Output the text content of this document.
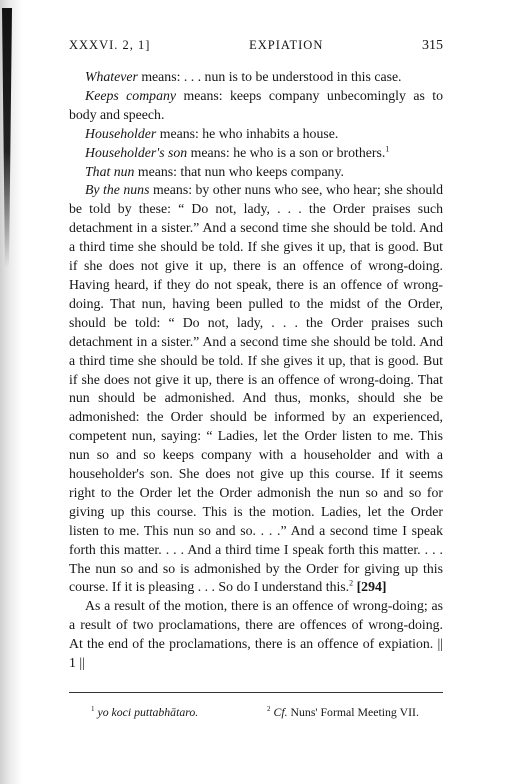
XXXVI. 2, 1]	EXPIATION	315

Whatever means: . . . nun is to be understood in this case.

Keeps company means: keeps company unbecomingly as to body and speech.

Householder means: he who inhabits a house.

Householder's son means: he who is a son or brothers.$^1$

That nun means: that nun who keeps company.

By the nuns means: by other nuns who see, who hear; she should be told by these: “ Do not, lady, . . . the Order praises such detachment in a sister.” And a second time she should be told. And a third time she should be told. If she gives it up, that is good. But if she does not give it up, there is an offence of wrong-doing. Having heard, if they do not speak, there is an offence of wrong-doing. That nun, having been pulled to the midst of the Order, should be told: “ Do not, lady, . . . the Order praises such detachment in a sister.” And a second time she should be told. And a third time she should be told. If she gives it up, that is good. But if she does not give it up, there is an offence of wrong-doing. That nun should be admonished. And thus, monks, should she be admonished: the Order should be informed by an experienced, competent nun, saying: “ Ladies, let the Order listen to me. This nun so and so keeps company with a householder and with a householder's son. She does not give up this course. If it seems right to the Order let the Order admonish the nun so and so for giving up this course. This is the motion. Ladies, let the Order listen to me. This nun so and so. . . .” And a second time I speak forth this matter. . . . And a third time I speak forth this matter. . . . The nun so and so is admonished by the Order for giving up this course. If it is pleasing . . . So do I understand this.$^2$ [294]

As a result of the motion, there is an offence of wrong-doing; as a result of two proclamations, there are offences of wrong-doing. At the end of the proclamations, there is an offence of expiation. || 1 ||

$^1$ yo koci puttabhātaro.	$^2$ Cf. Nuns' Formal Meeting VII.
